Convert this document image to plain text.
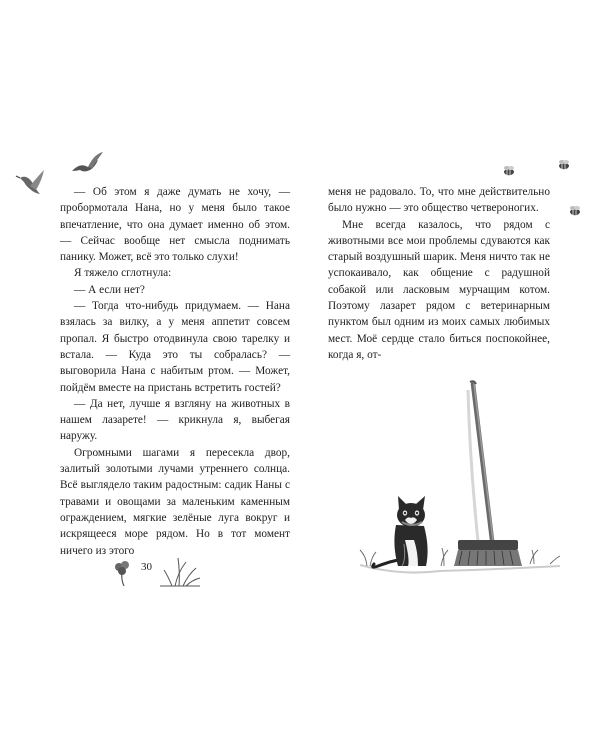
— Об этом я даже думать не хочу, — пробормотала Нана, но у меня было такое впечатление, что она думает именно об этом. — Сейчас вообще нет смысла поднимать панику. Может, всё это только слухи!

Я тяжело сглотнула:

— А если нет?

— Тогда что-нибудь придумаем. — Нана взялась за вилку, а у меня аппетит совсем пропал. Я быстро отодвинула свою тарелку и встала. — Куда это ты собралась? — выговорила Нана с набитым ртом. — Может, пойдём вместе на пристань встретить гостей?

— Да нет, лучше я взгляну на животных в нашем лазарете! — крикнула я, выбегая наружу.

Огромными шагами я пересекла двор, залитый золотыми лучами утреннего солнца. Всё выглядело таким радостным: садик Наны с травами и овощами за маленьким каменным ограждением, мягкие зелёные луга вокруг и искрящееся море рядом. Но в тот момент ничего из этого

30

меня не радовало. То, что мне действительно было нужно — это общество четвероногих.

Мне всегда казалось, что рядом с животными все мои проблемы сдуваются как старый воздушный шарик. Меня ничто так не успокаивало, как общение с радушной собакой или ласковым мурчащим котом. Поэтому лазарет рядом с ветеринарным пунктом был одним из моих самых любимых мест. Моё сердце стало биться поспокойнее, когда я, от-
